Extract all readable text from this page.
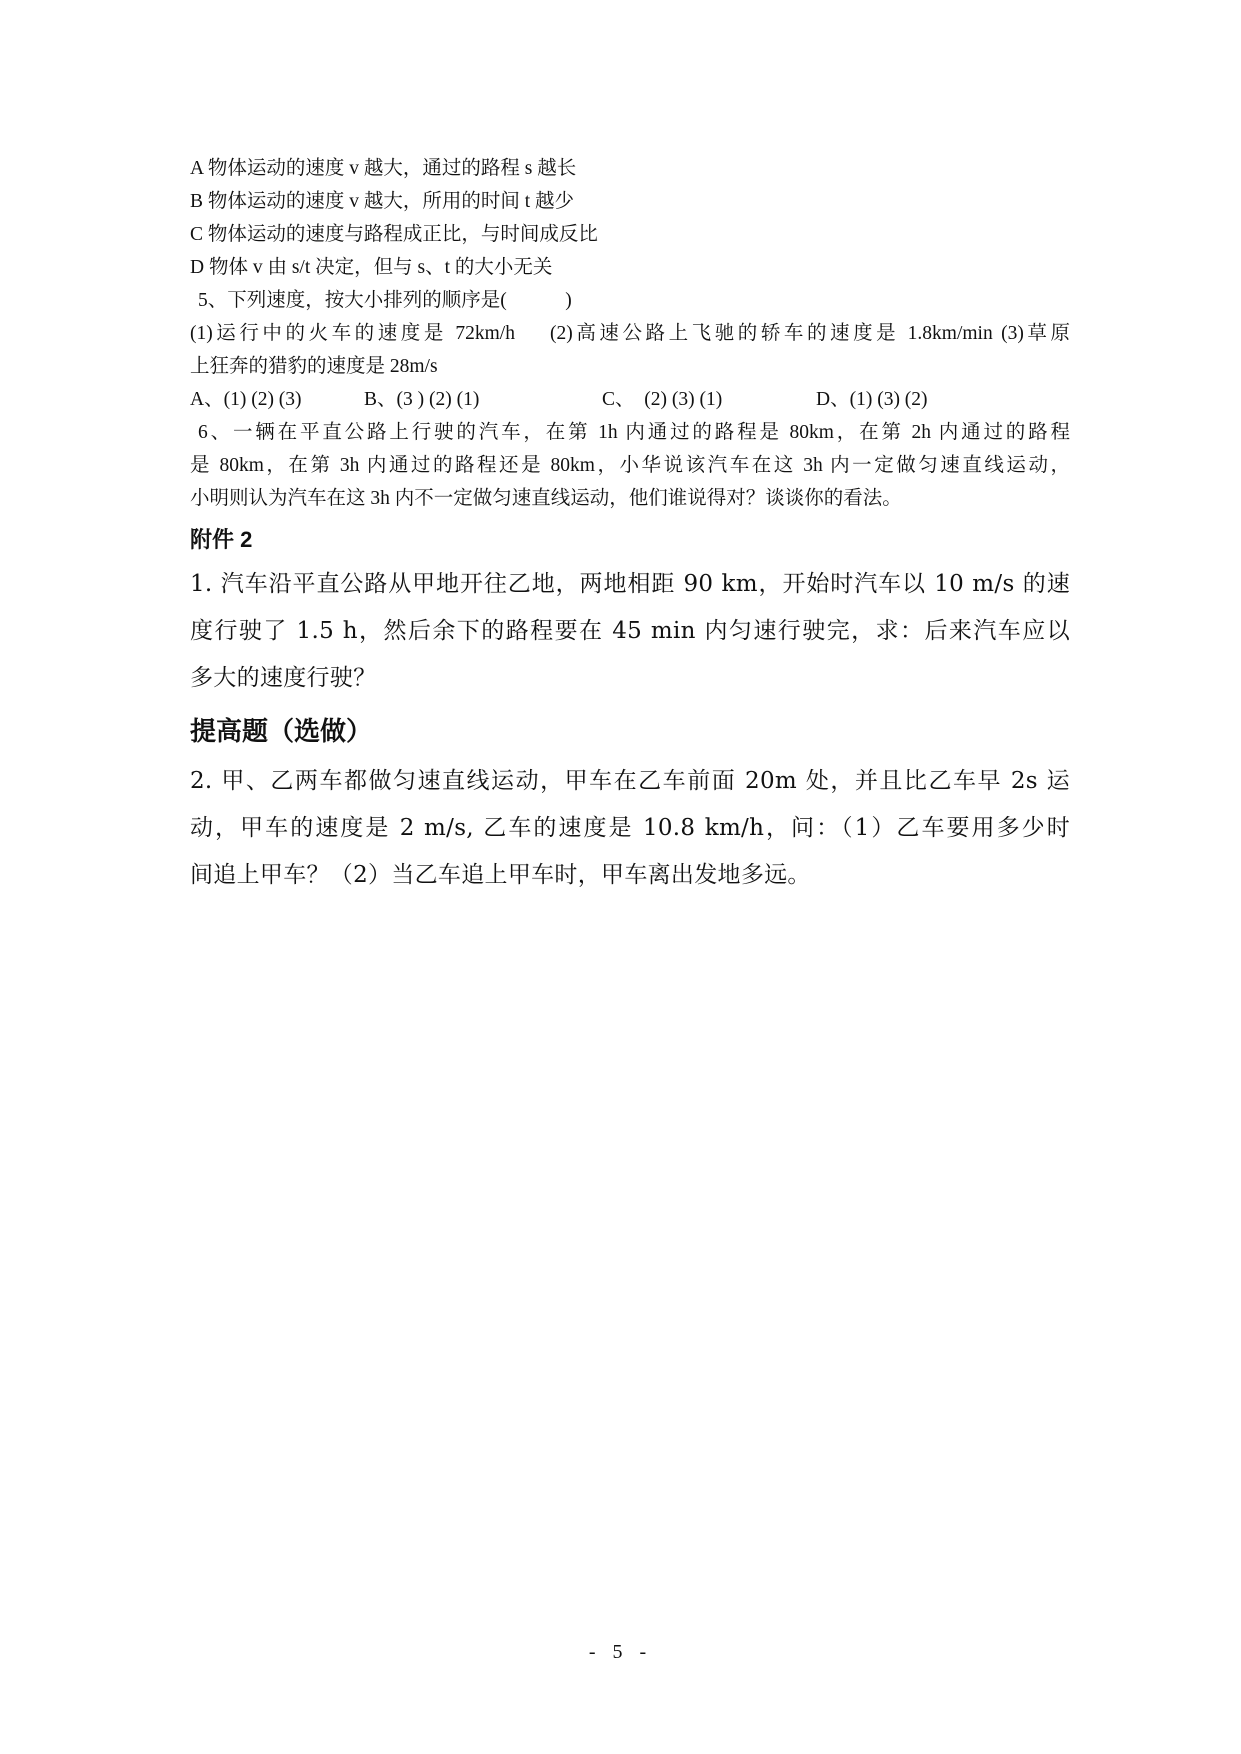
A 物体运动的速度 v 越大，通过的路程 s 越长
B 物体运动的速度 v 越大，所用的时间 t 越少
C 物体运动的速度与路程成正比，与时间成反比
D 物体 v 由 s/t 决定，但与 s、t 的大小无关
5、下列速度，按大小排列的顺序是(　　　)
(1)运行中的火车的速度是 72km/h　 (2)高速公路上飞驰的轿车的速度是 1.8km/min (3)草原
上狂奔的猎豹的速度是 28m/s
A、(1) (2) (3)	B、(3 ) (2) (1)	C、　(2) (3) (1)	D、(1) (3) (2)
6、一辆在平直公路上行驶的汽车，在第 1h 内通过的路程是 80km，在第 2h 内通过的路程
是 80km，在第 3h 内通过的路程还是 80km，小华说该汽车在这 3h 内一定做匀速直线运动，
小明则认为汽车在这 3h 内不一定做匀速直线运动，他们谁说得对？谈谈你的看法。
附件 2
1. 汽车沿平直公路从甲地开往乙地，两地相距 90 km，开始时汽车以 10 m/s 的速
度行驶了 1.5 h，然后余下的路程要在 45 min 内匀速行驶完，求：后来汽车应以
多大的速度行驶？
提高题（选做）
2. 甲、乙两车都做匀速直线运动，甲车在乙车前面 20m 处，并且比乙车早 2s 运
动，甲车的速度是 2 m/s, 乙车的速度是 10.8 km/h，问：（1）乙车要用多少时
间追上甲车？（2）当乙车追上甲车时，甲车离出发地多远。
- 5 -
